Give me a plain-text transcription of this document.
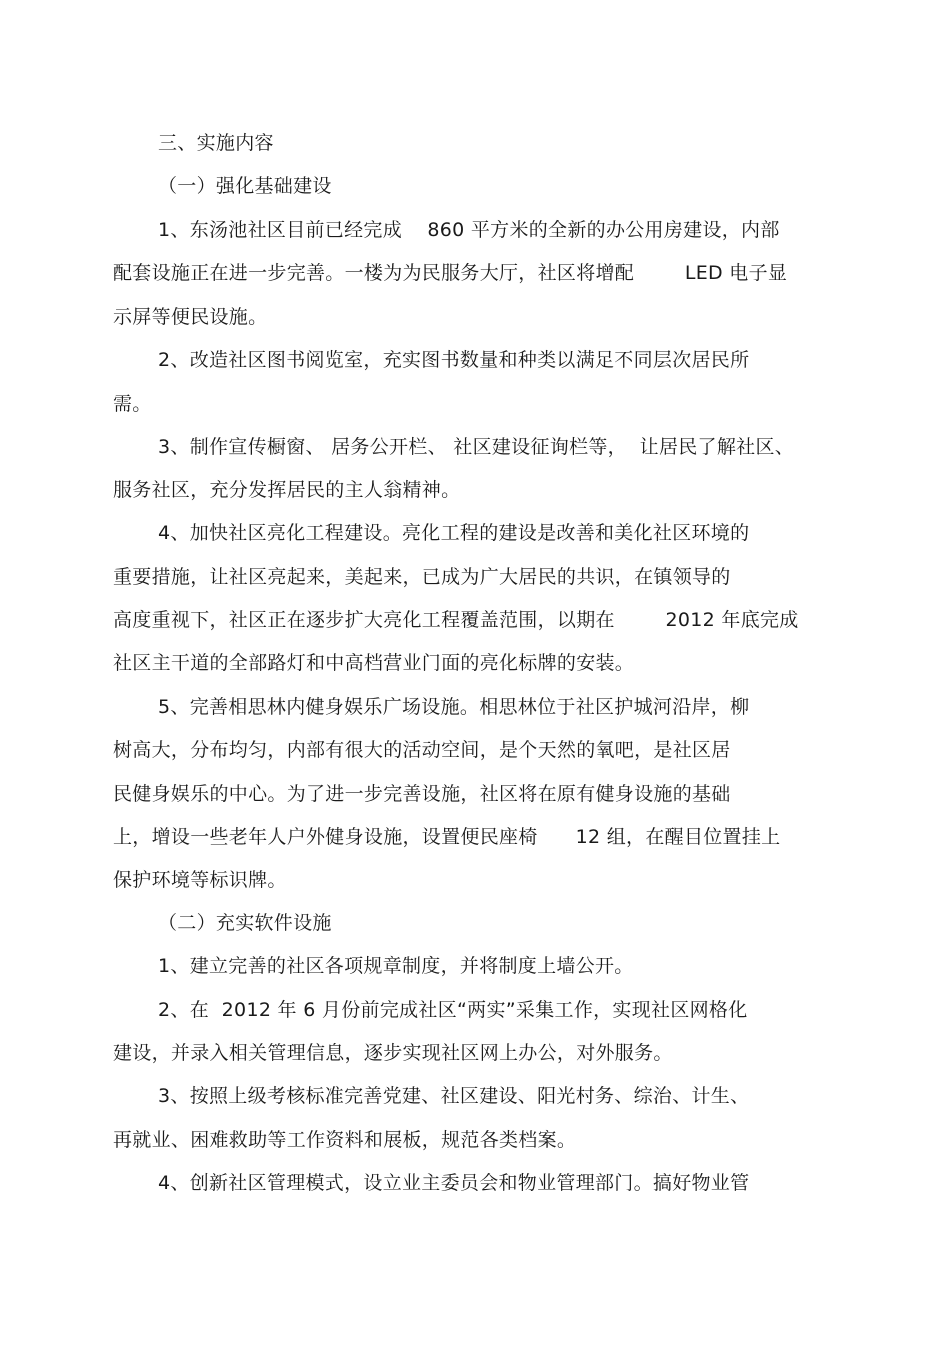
三、实施内容
（一）强化基础建设
1、东汤池社区目前已经完成    860 平方米的全新的办公用房建设，内部
配套设施正在进一步完善。一楼为为民服务大厅，社区将增配        LED 电子显
示屏等便民设施。
2、改造社区图书阅览室，充实图书数量和种类以满足不同层次居民所
需。
3、制作宣传橱窗、 居务公开栏、 社区建设征询栏等，  让居民了解社区、
服务社区，充分发挥居民的主人翁精神。
4、加快社区亮化工程建设。亮化工程的建设是改善和美化社区环境的
重要措施，让社区亮起来，美起来，已成为广大居民的共识，在镇领导的
高度重视下，社区正在逐步扩大亮化工程覆盖范围，以期在        2012 年底完成
社区主干道的全部路灯和中高档营业门面的亮化标牌的安装。
5、完善相思林内健身娱乐广场设施。相思林位于社区护城河沿岸，柳
树高大，分布均匀，内部有很大的活动空间，是个天然的氧吧，是社区居
民健身娱乐的中心。为了进一步完善设施，社区将在原有健身设施的基础
上，增设一些老年人户外健身设施，设置便民座椅      12 组，在醒目位置挂上
保护环境等标识牌。
（二）充实软件设施
1、建立完善的社区各项规章制度，并将制度上墙公开。
2、在  2012 年 6 月份前完成社区“两实”采集工作，实现社区网格化
建设，并录入相关管理信息，逐步实现社区网上办公，对外服务。
3、按照上级考核标准完善党建、社区建设、阳光村务、综治、计生、
再就业、困难救助等工作资料和展板，规范各类档案。
4、创新社区管理模式，设立业主委员会和物业管理部门。搞好物业管
